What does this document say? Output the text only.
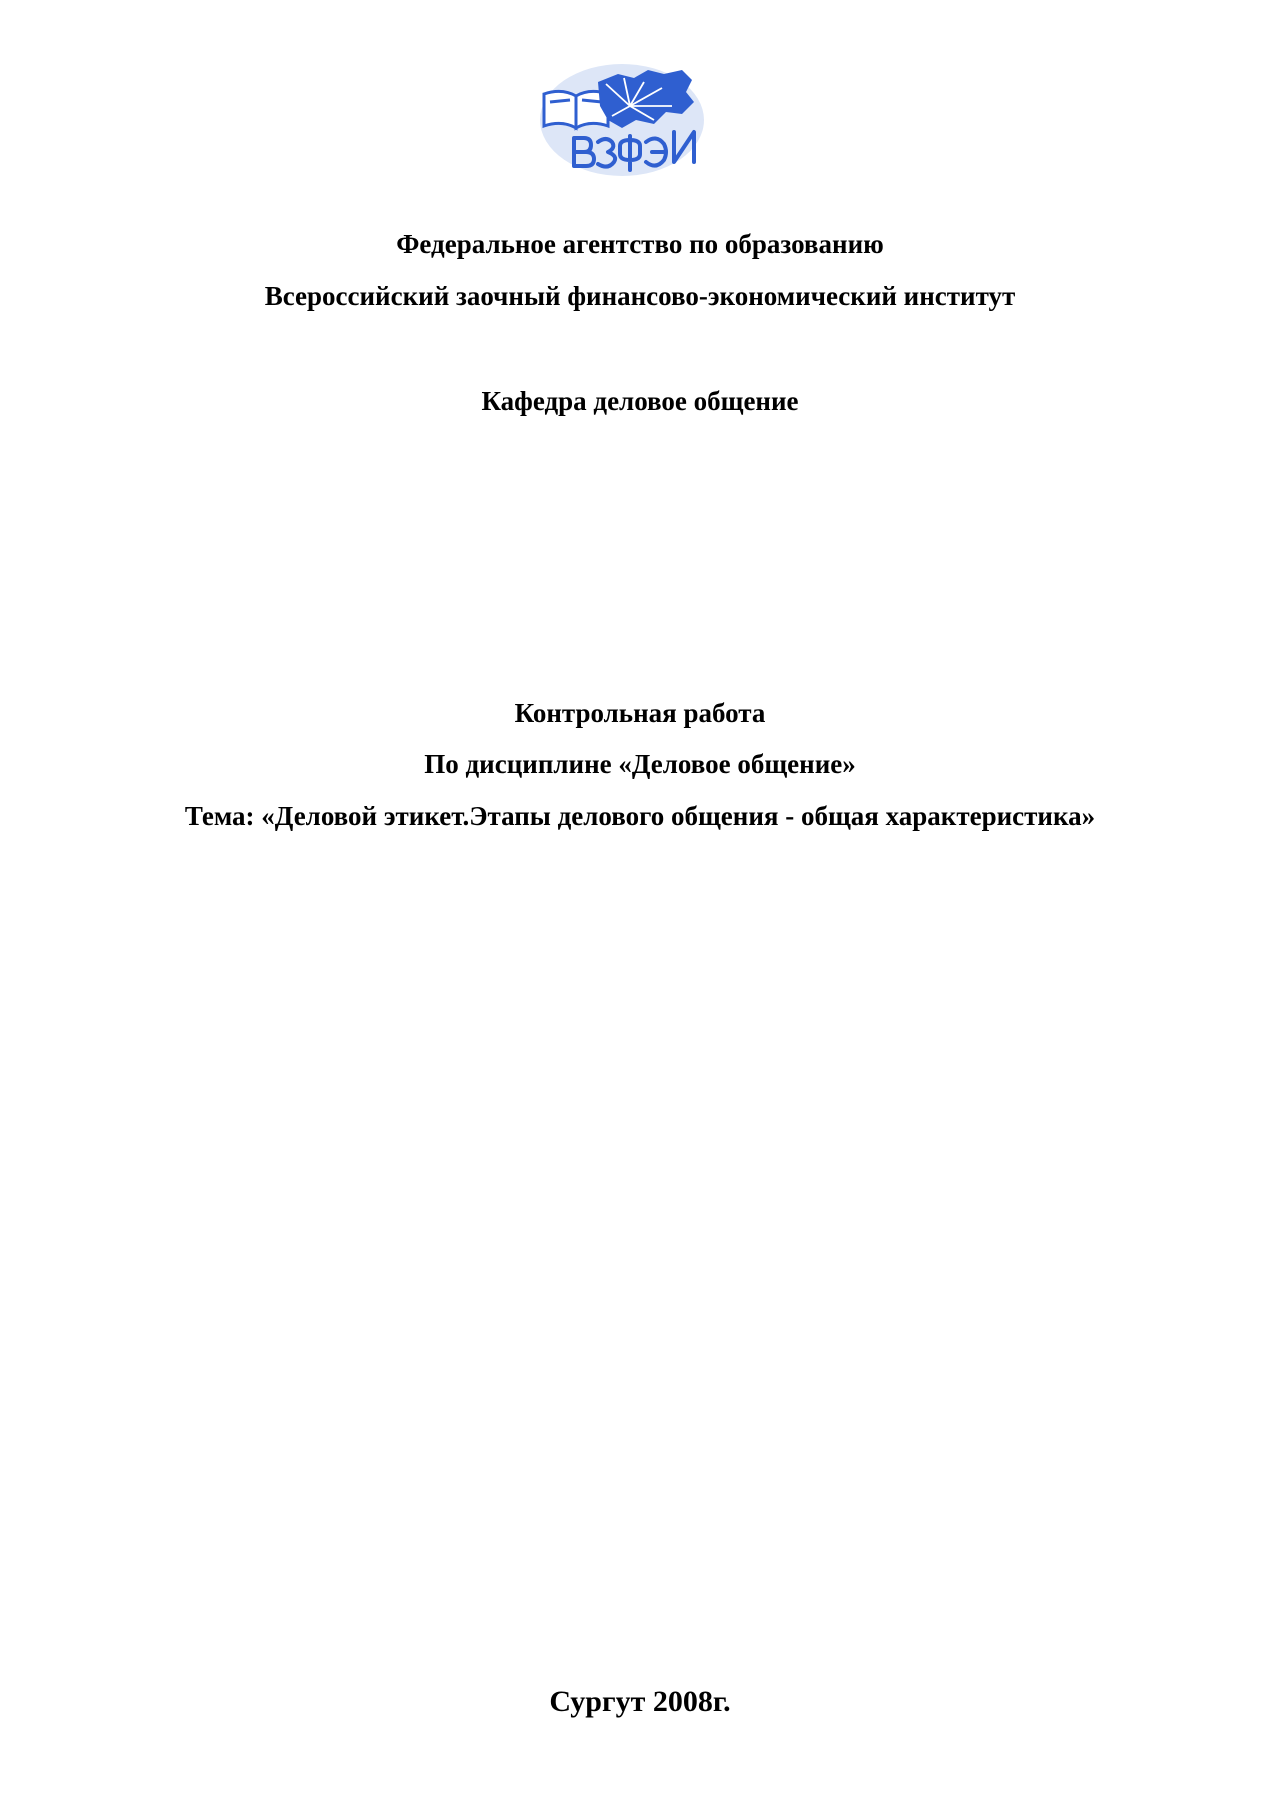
Федеральное агентство по образованию
Всероссийский заочный финансово-экономический институт
Кафедра деловое общение
Контрольная работа
По дисциплине «Деловое общение»
Тема: «Деловой этикет.Этапы делового общения - общая характеристика»
Сургут 2008г.
